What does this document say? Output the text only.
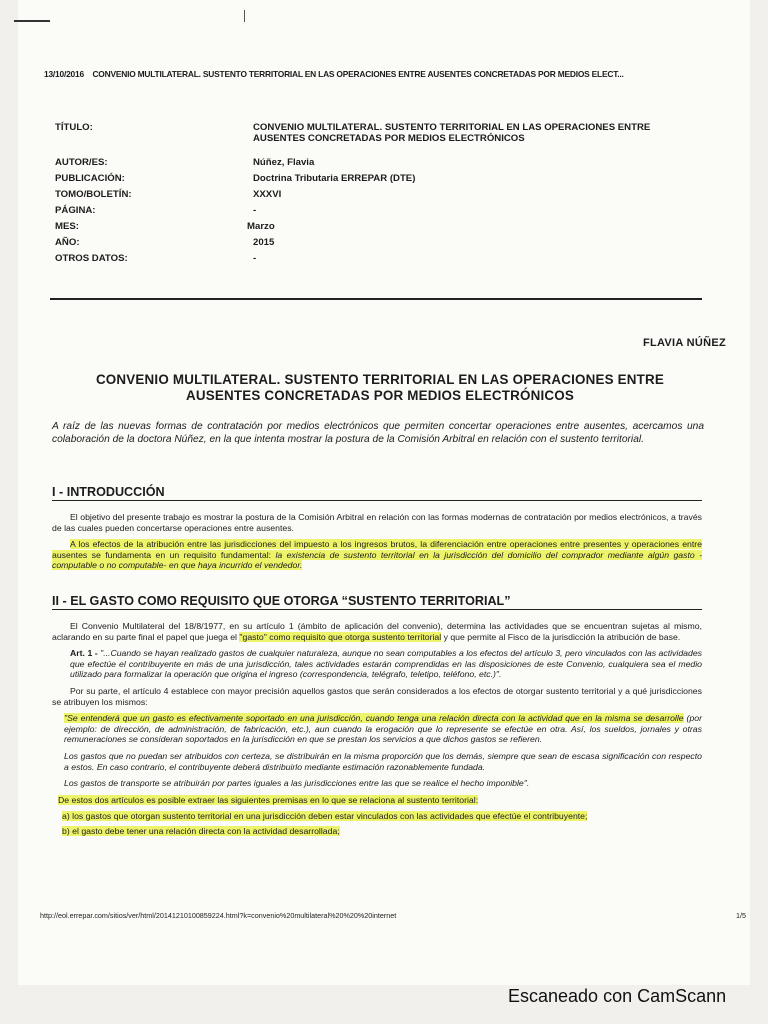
13/10/2016 CONVENIO MULTILATERAL. SUSTENTO TERRITORIAL EN LAS OPERACIONES ENTRE AUSENTES CONCRETADAS POR MEDIOS ELECT...
TÍTULO:	CONVENIO MULTILATERAL. SUSTENTO TERRITORIAL EN LAS OPERACIONES ENTRE AUSENTES CONCRETADAS POR MEDIOS ELECTRÓNICOS
AUTOR/ES:	Núñez, Flavia
PUBLICACIÓN:	Doctrina Tributaria ERREPAR (DTE)
TOMO/BOLETÍN:	XXXVI
PÁGINA:	-
MES:	Marzo
AÑO:	2015
OTROS DATOS:	-
FLAVIA NÚÑEZ
CONVENIO MULTILATERAL. SUSTENTO TERRITORIAL EN LAS OPERACIONES ENTRE AUSENTES CONCRETADAS POR MEDIOS ELECTRÓNICOS
A raíz de las nuevas formas de contratación por medios electrónicos que permiten concertar operaciones entre ausentes, acercamos una colaboración de la doctora Núñez, en la que intenta mostrar la postura de la Comisión Arbitral en relación con el sustento territorial.
I - INTRODUCCIÓN

El objetivo del presente trabajo es mostrar la postura de la Comisión Arbitral en relación con las formas modernas de contratación por medios electrónicos, a través de las cuales pueden concertarse operaciones entre ausentes.

A los efectos de la atribución entre las jurisdicciones del impuesto a los ingresos brutos, la diferenciación entre operaciones entre presentes y operaciones entre ausentes se fundamenta en un requisito fundamental: la existencia de sustento territorial en la jurisdicción del domicilio del comprador mediante algún gasto -computable o no computable- en que haya incurrido el vendedor.

II - EL GASTO COMO REQUISITO QUE OTORGA “SUSTENTO TERRITORIAL”

El Convenio Multilateral del 18/8/1977, en su artículo 1 (ámbito de aplicación del convenio), determina las actividades que se encuentran sujetas al mismo, aclarando en su parte final el papel que juega el "gasto" como requisito que otorga sustento territorial y que permite al Fisco de la jurisdicción la atribución de base.

Art. 1 - "...Cuando se hayan realizado gastos de cualquier naturaleza, aunque no sean computables a los efectos del artículo 3, pero vinculados con las actividades que efectúe el contribuyente en más de una jurisdicción, tales actividades estarán comprendidas en las disposiciones de este Convenio, cualquiera sea el medio utilizado para formalizar la operación que origina el ingreso (correspondencia, telégrafo, teletipo, teléfono, etc.)".

Por su parte, el artículo 4 establece con mayor precisión aquellos gastos que serán considerados a los efectos de otorgar sustento territorial y a qué jurisdicciones se atribuyen los mismos:

"Se entenderá que un gasto es efectivamente soportado en una jurisdicción, cuando tenga una relación directa con la actividad que en la misma se desarrolle (por ejemplo: de dirección, de administración, de fabricación, etc.), aun cuando la erogación que lo represente se efectúe en otra. Así, los sueldos, jornales y otras remuneraciones se consideran soportados en la jurisdicción en que se prestan los servicios a que dichos gastos se refieren.

Los gastos que no puedan ser atribuidos con certeza, se distribuirán en la misma proporción que los demás, siempre que sean de escasa significación con respecto a estos. En caso contrario, el contribuyente deberá distribuirlo mediante estimación razonablemente fundada.

Los gastos de transporte se atribuirán por partes iguales a las jurisdicciones entre las que se realice el hecho imponible".

De estos dos artículos es posible extraer las siguientes premisas en lo que se relaciona al sustento territorial:

a) los gastos que otorgan sustento territorial en una jurisdicción deben estar vinculados con las actividades que efectúe el contribuyente;

b) el gasto debe tener una relación directa con la actividad desarrollada;

http://eol.errepar.com/sitios/ver/html/20141210100859224.html?k=convenio%20multilateral%20%20%20internet	1/5
Escaneado con CamScann
